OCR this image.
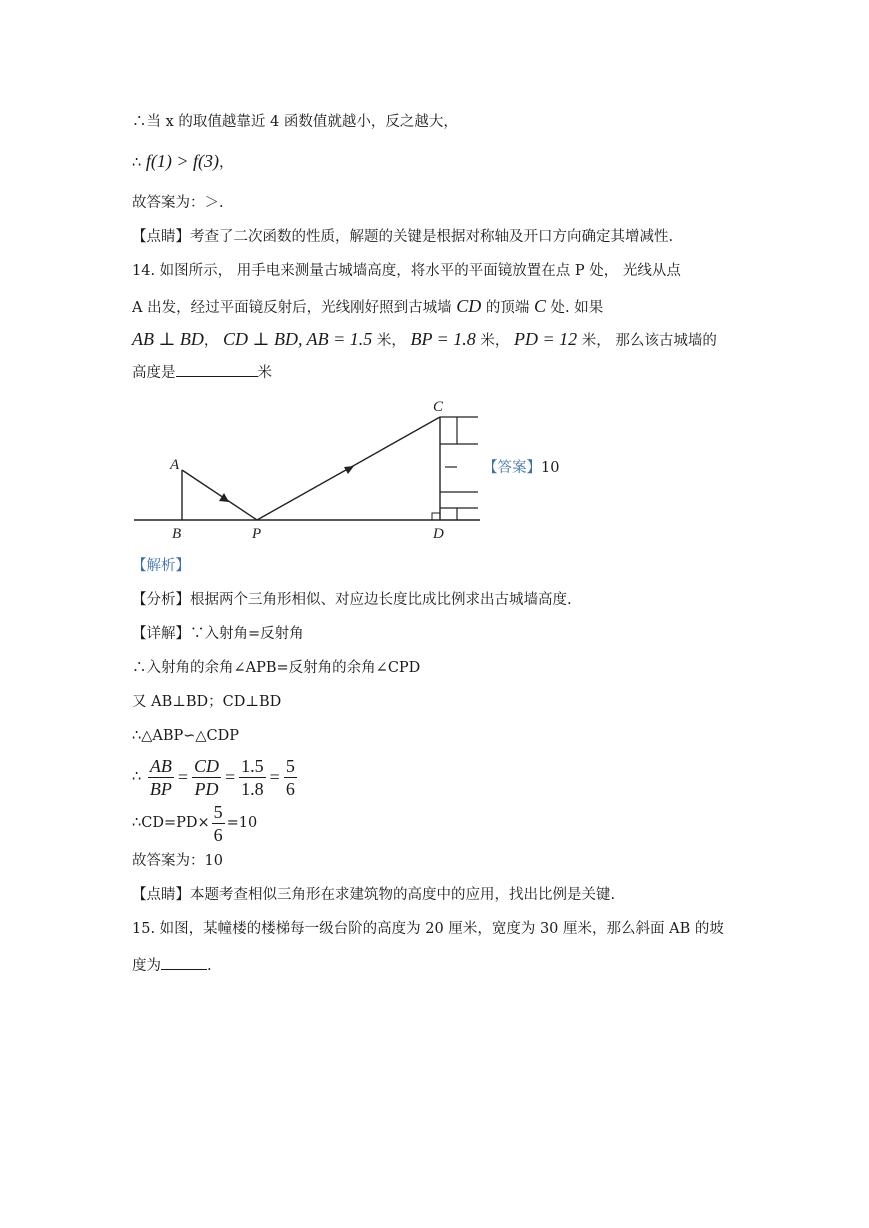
∴当 x 的取值越靠近 4 函数值就越小，反之越大，
∴ f(1) > f(3)，
故答案为：＞.
【点睛】考查了二次函数的性质，解题的关键是根据对称轴及开口方向确定其增减性.
14. 如图所示， 用手电来测量古城墙高度，将水平的平面镜放置在点 P 处， 光线从点
A 出发，经过平面镜反射后，光线刚好照到古城墙 CD 的顶端 C 处. 如果
AB ⊥ BD， CD ⊥ BD, AB = 1.5 米， BP = 1.8 米， PD = 12 米， 那么该古城墙的
高度是	米
A
B	P
C
D
【答案】10
【解析】
【分析】根据两个三角形相似、对应边长度比成比例求出古城墙高度.
【详解】∵入射角=反射角
∴入射角的余角∠APB=反射角的余角∠CPD
又 AB⊥BD；CD⊥BD
∴△ABP∽△CDP
∴ $\frac{AB}{BP} = \frac{CD}{PD} = \frac{1.5}{1.8} = \frac{5}{6}$
∴CD=PD× $\frac{5}{6} =10$
故答案为：10
【点睛】本题考查相似三角形在求建筑物的高度中的应用，找出比例是关键.
15. 如图，某幢楼的楼梯每一级台阶的高度为 20 厘米，宽度为 30 厘米，那么斜面 AB 的坡
度为	.
